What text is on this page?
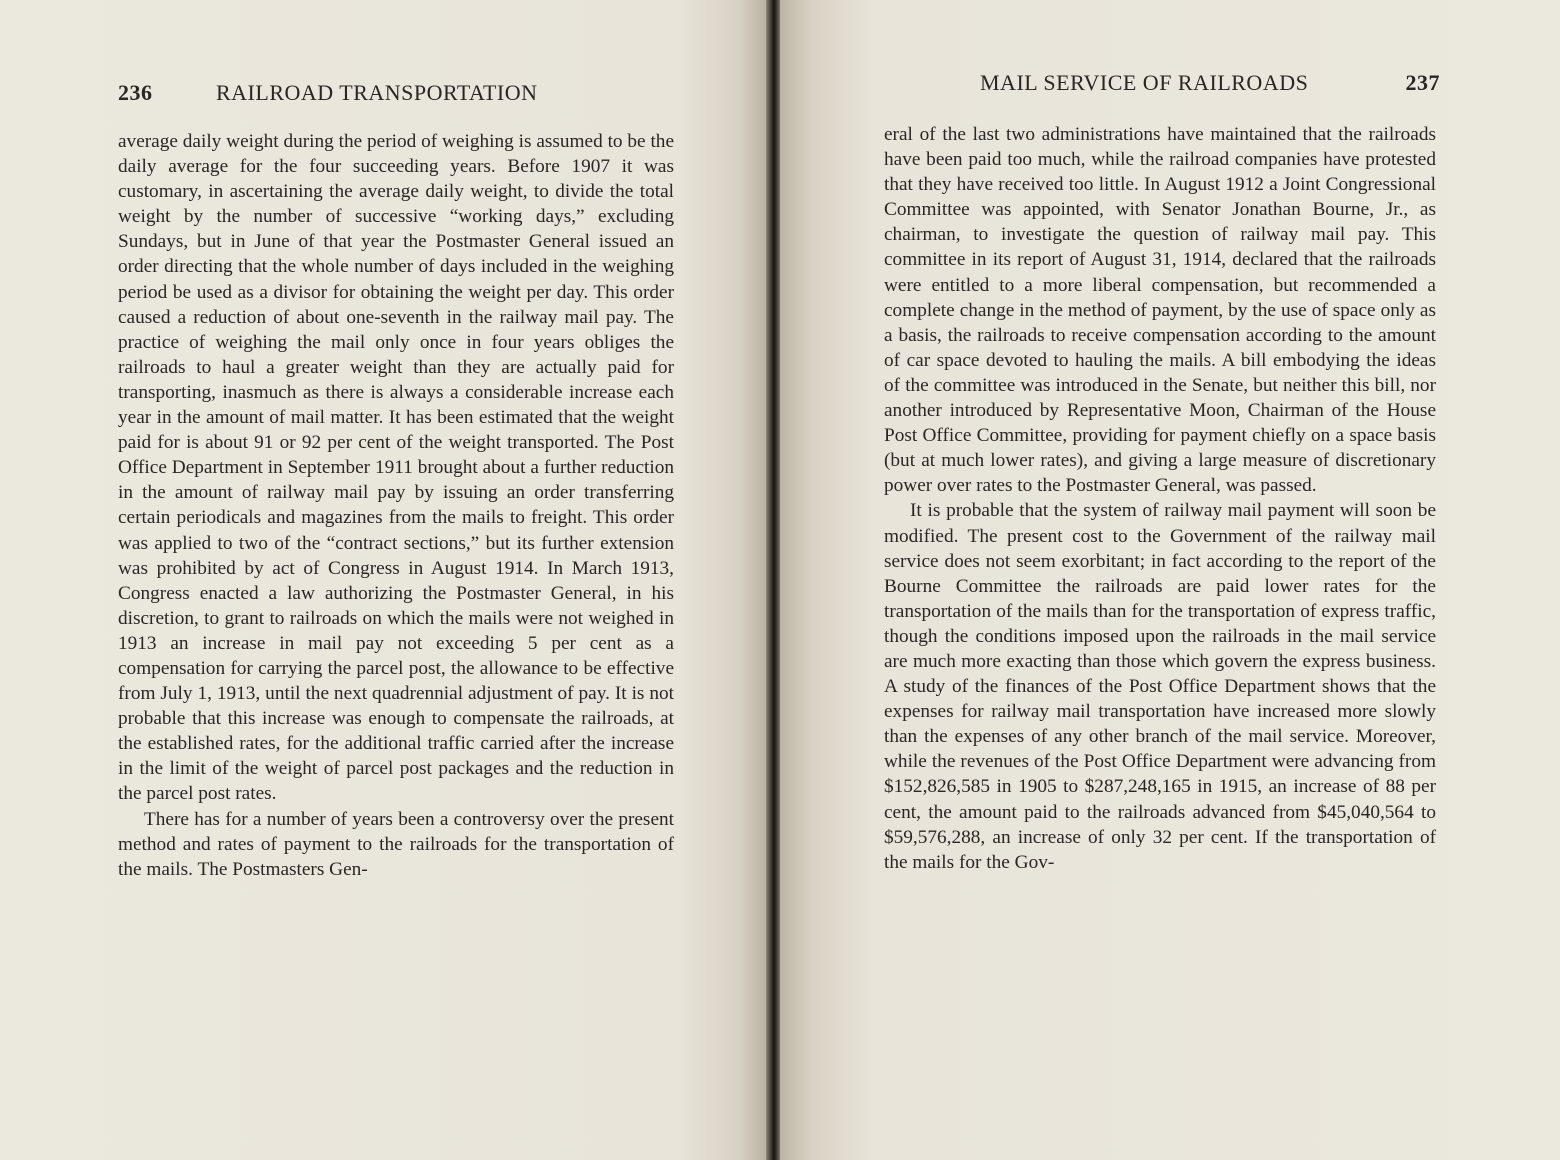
236	RAILROAD TRANSPORTATION

average daily weight during the period of weighing is assumed to be the daily average for the four succeeding years. Before 1907 it was customary, in ascertaining the average daily weight, to divide the total weight by the number of successive “working days,” excluding Sundays, but in June of that year the Postmaster General issued an order directing that the whole number of days included in the weighing period be used as a divisor for obtaining the weight per day. This order caused a reduction of about one-seventh in the railway mail pay. The practice of weighing the mail only once in four years obliges the railroads to haul a greater weight than they are actually paid for transporting, inasmuch as there is always a considerable increase each year in the amount of mail matter. It has been estimated that the weight paid for is about 91 or 92 per cent of the weight transported. The Post Office Department in September 1911 brought about a further reduction in the amount of railway mail pay by issuing an order transferring certain periodicals and magazines from the mails to freight. This order was applied to two of the “contract sections,” but its further extension was prohibited by act of Congress in August 1914. In March 1913, Congress enacted a law authorizing the Postmaster General, in his discretion, to grant to railroads on which the mails were not weighed in 1913 an increase in mail pay not exceeding 5 per cent as a compensation for carrying the parcel post, the allowance to be effective from July 1, 1913, until the next quadrennial adjustment of pay. It is not probable that this increase was enough to compensate the railroads, at the established rates, for the additional traffic carried after the increase in the limit of the weight of parcel post packages and the reduction in the parcel post rates.

There has for a number of years been a controversy over the present method and rates of payment to the railroads for the transportation of the mails. The Postmasters Gen-

MAIL SERVICE OF RAILROADS	237

eral of the last two administrations have maintained that the railroads have been paid too much, while the railroad companies have protested that they have received too little. In August 1912 a Joint Congressional Committee was appointed, with Senator Jonathan Bourne, Jr., as chairman, to investigate the question of railway mail pay. This committee in its report of August 31, 1914, declared that the railroads were entitled to a more liberal compensation, but recommended a complete change in the method of payment, by the use of space only as a basis, the railroads to receive compensation according to the amount of car space devoted to hauling the mails. A bill embodying the ideas of the committee was introduced in the Senate, but neither this bill, nor another introduced by Representative Moon, Chairman of the House Post Office Committee, providing for payment chiefly on a space basis (but at much lower rates), and giving a large measure of discretionary power over rates to the Postmaster General, was passed.

It is probable that the system of railway mail payment will soon be modified. The present cost to the Government of the railway mail service does not seem exorbitant; in fact according to the report of the Bourne Committee the railroads are paid lower rates for the transportation of the mails than for the transportation of express traffic, though the conditions imposed upon the railroads in the mail service are much more exacting than those which govern the express business. A study of the finances of the Post Office Department shows that the expenses for railway mail transportation have increased more slowly than the expenses of any other branch of the mail service. Moreover, while the revenues of the Post Office Department were advancing from $152,826,585 in 1905 to $287,248,165 in 1915, an increase of 88 per cent, the amount paid to the railroads advanced from $45,040,564 to $59,576,288, an increase of only 32 per cent. If the transportation of the mails for the Gov-
